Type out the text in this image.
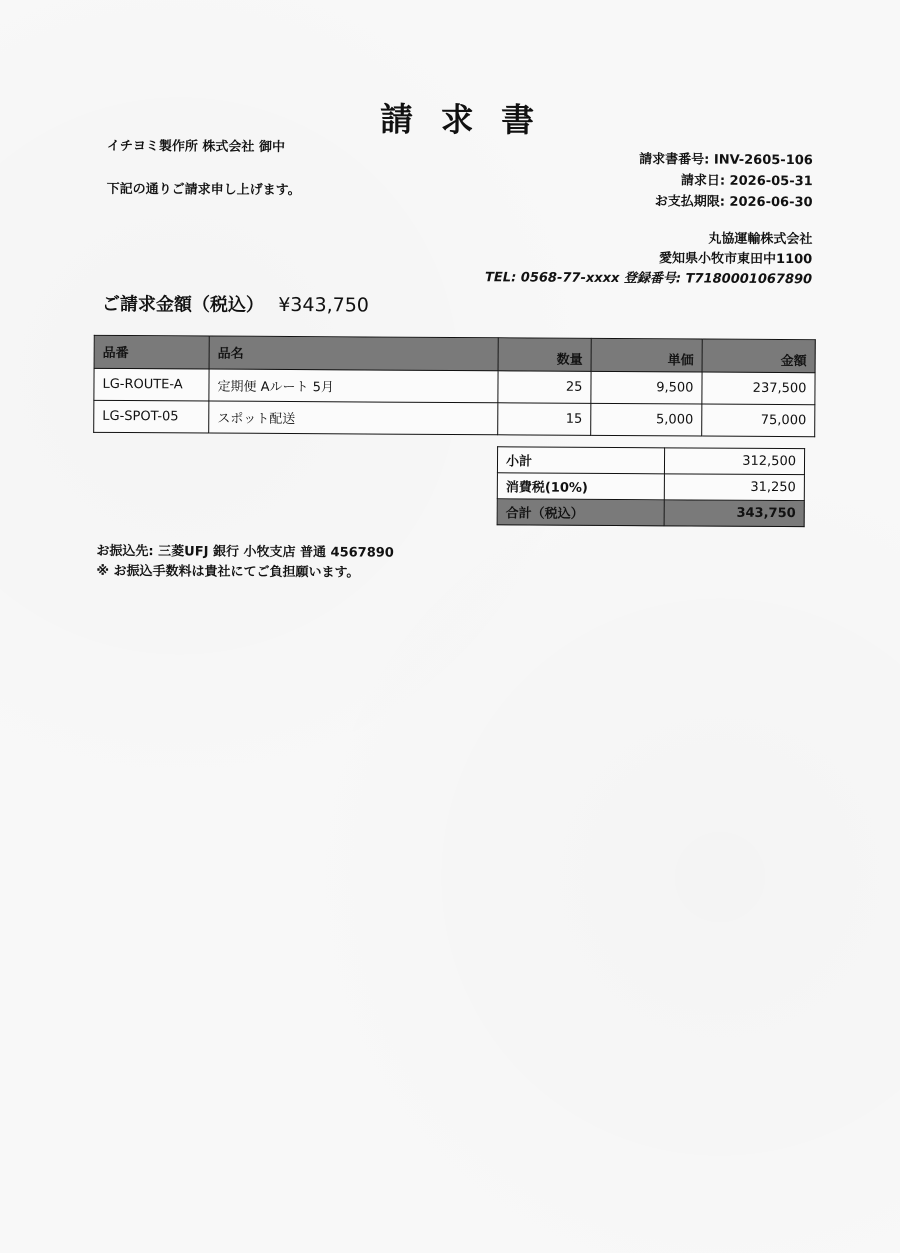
請 求 書
イチヨミ製作所 株式会社 御中
下記の通りご請求申し上げます。
請求書番号: INV-2605-106
請求日: 2026-05-31
お支払期限: 2026-06-30
丸協運輸株式会社
愛知県小牧市東田中1100
TEL: 0568-77-xxxx 登録番号: T7180001067890
ご請求金額（税込） ¥343,750
品番	品名	数量	単価	金額
LG-ROUTE-A	定期便 Aルート 5月	25	9,500	237,500
LG-SPOT-05	スポット配送	15	5,000	75,000
小計	312,500
消費税(10%)	31,250
合計（税込）	343,750
お振込先: 三菱UFJ 銀行 小牧支店 普通 4567890
※ お振込手数料は貴社にてご負担願います。
